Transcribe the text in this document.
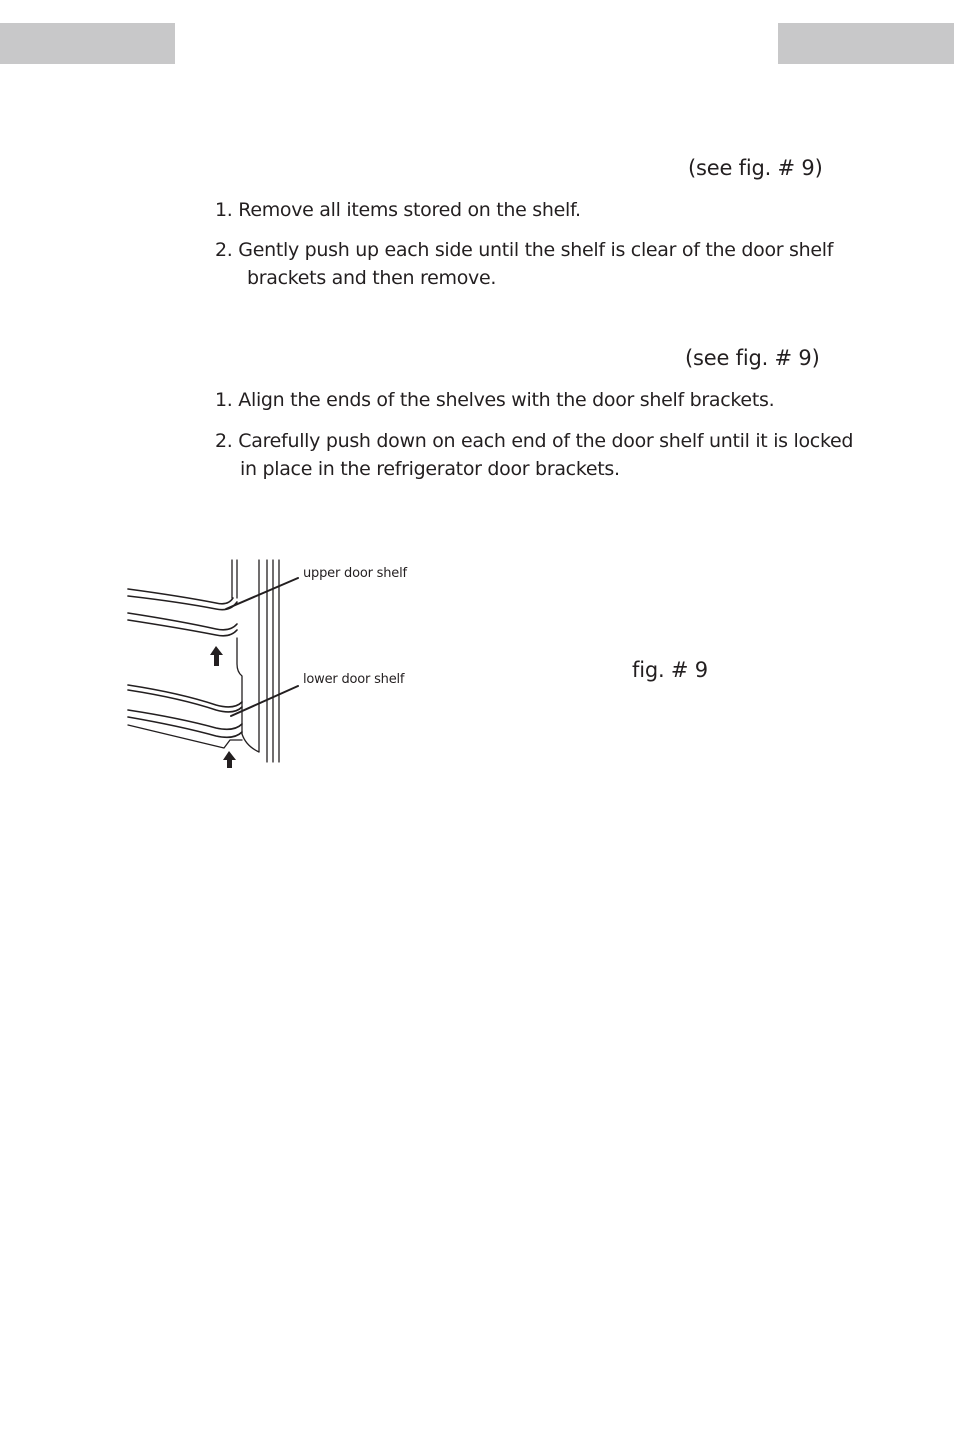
(see fig. # 9)
1. Remove all items stored on the shelf.
2. Gently push up each side until the shelf is clear of the door shelf
brackets and then remove.
(see fig. # 9)
1. Align the ends of the shelves with the door shelf brackets.
2. Carefully push down on each end of the door shelf until it is locked
in place in the refrigerator door brackets.
upper door shelf
lower door shelf	fig. # 9
